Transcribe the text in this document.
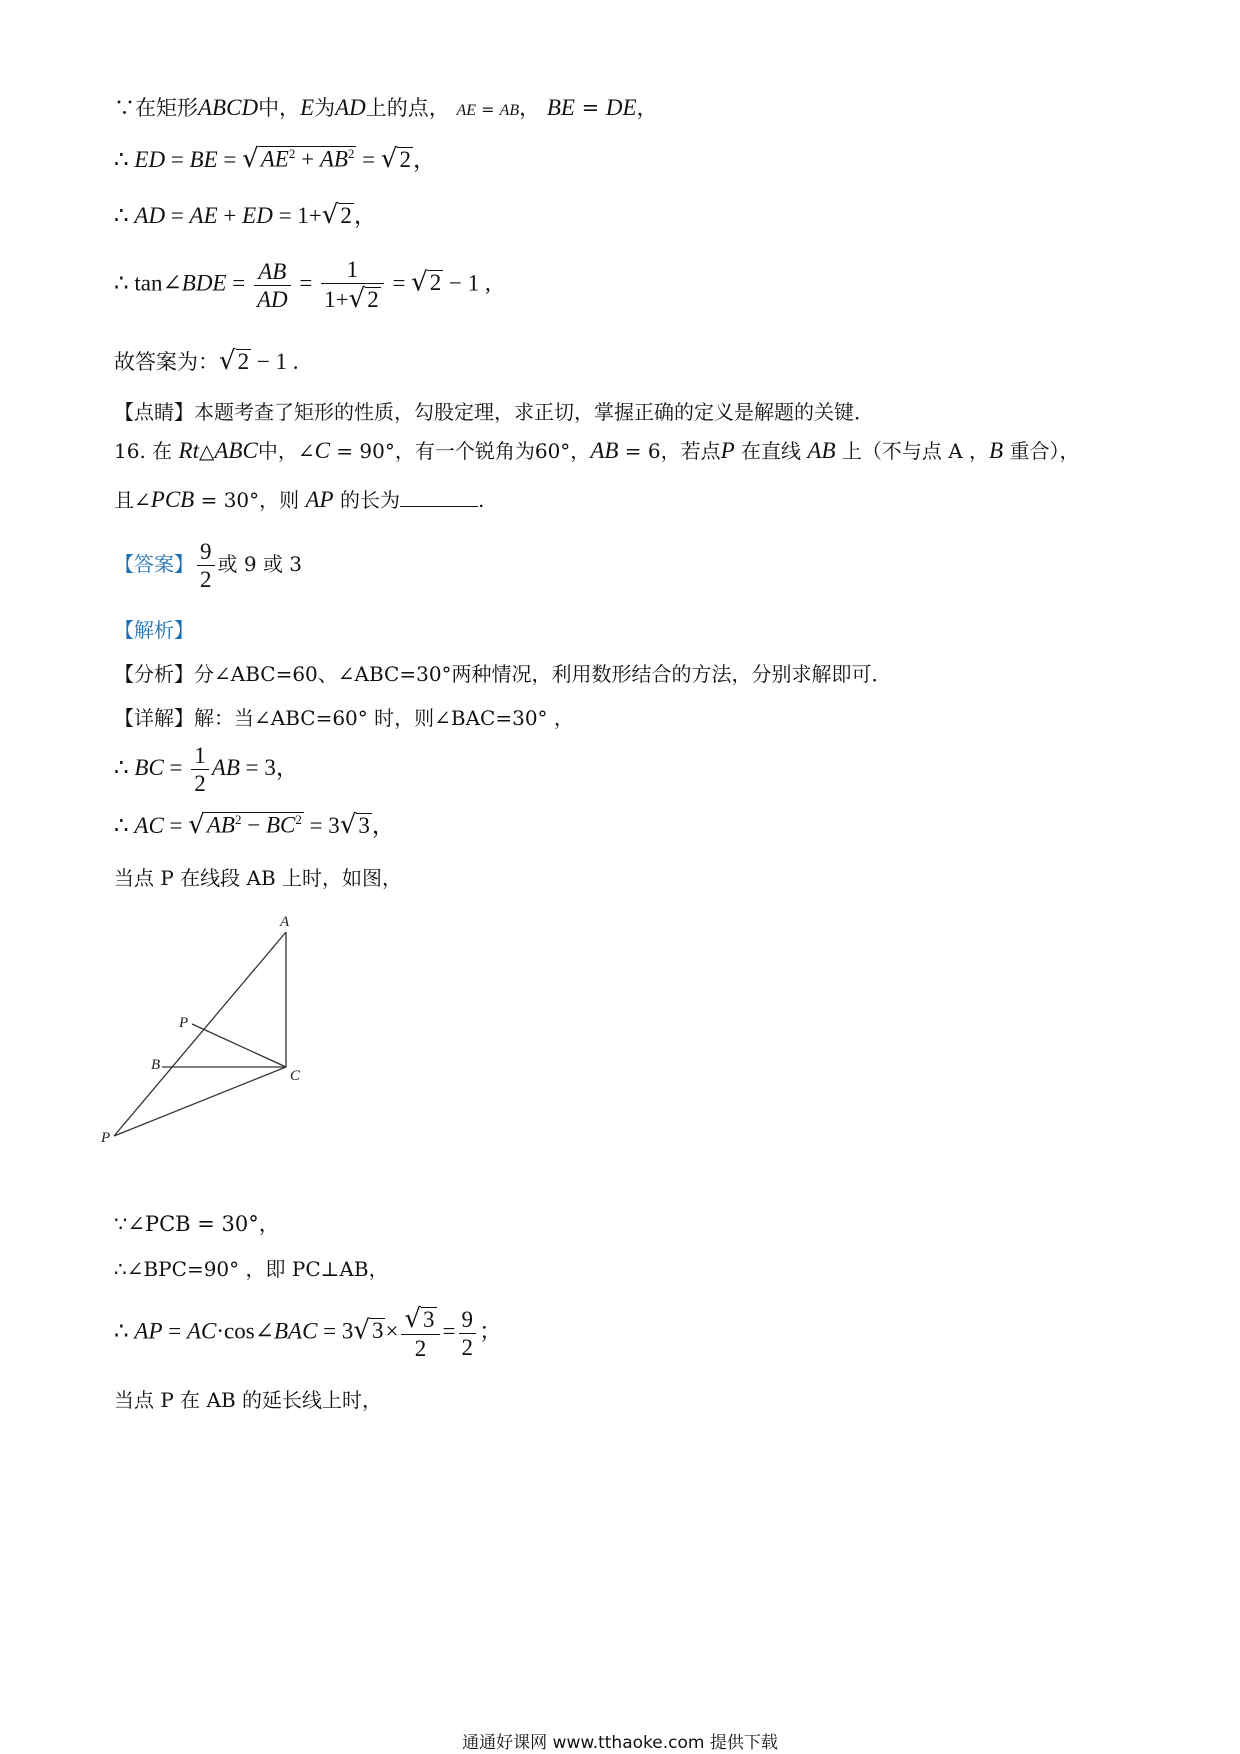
∵在矩形ABCD中，E为AD上的点， AE = AB， BE = DE，
∴ ED = BE = $√AE^2 + AB^2 = √2$，
∴ AD = AE + ED = 1+√2，
∴ tan∠BDE = $\frac{AB}{AD} = \frac{1}{1+√2} = √2 - 1$ ,
故答案为：√2 − 1 .
【点睛】本题考查了矩形的性质，勾股定理，求正切，掌握正确的定义是解题的关键．
16. 在 Rt△ABC中，∠C = 90°，有一个锐角为60°，AB = 6，若点P 在直线 AB 上（不与点 A ，B 重合），
且∠PCB = 30°，则 AP 的长为	.
【答案】 $\frac{9}{2}$ 或 9 或 3
【解析】
【分析】分∠ABC=60、∠ABC=30°两种情况，利用数形结合的方法，分别求解即可．
【详解】解：当∠ABC=60° 时，则∠BAC=30° ，
∴ BC = $\frac{1}{2}$ AB = 3，
∴ AC = $√AB^2 - BC^2 = 3√3$，
当点 P 在线段 AB 上时，如图，
A
P
B
C
P
∵∠PCB = 30°，
∴∠BPC=90° ，即 PC⊥AB，
∴ AP = AC·cos∠BAC = $3√3\times \frac{√3}{2} = \frac{9}{2}$ ；
当点 P 在 AB 的延长线上时，
通通好课网 www.tthaoke.com 提供下载
